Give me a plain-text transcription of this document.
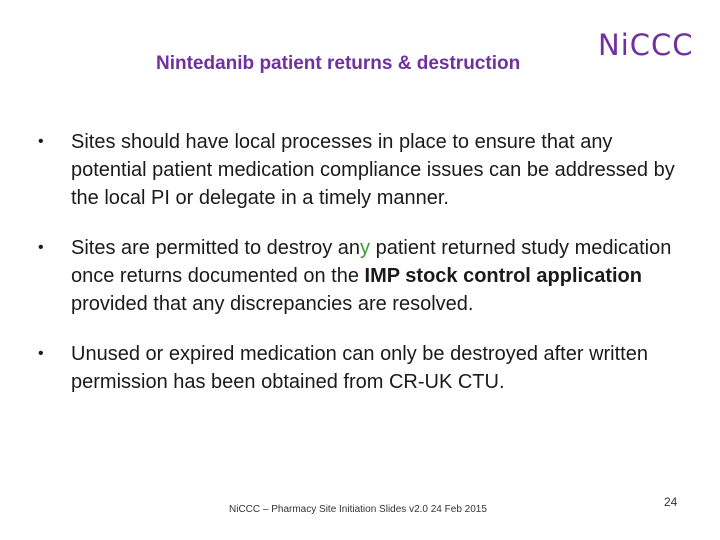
Nintedanib patient returns & destruction
NiCCC
• Sites should have local processes in place to ensure that any potential patient medication compliance issues can be addressed by the local PI or delegate in a timely manner.
• Sites are permitted to destroy any patient returned study medication once returns documented on the IMP stock control application provided that any discrepancies are resolved.
• Unused or expired medication can only be destroyed after written permission has been obtained from CR-UK CTU.
NiCCC – Pharmacy Site Initiation Slides v2.0 24 Feb 2015
24
